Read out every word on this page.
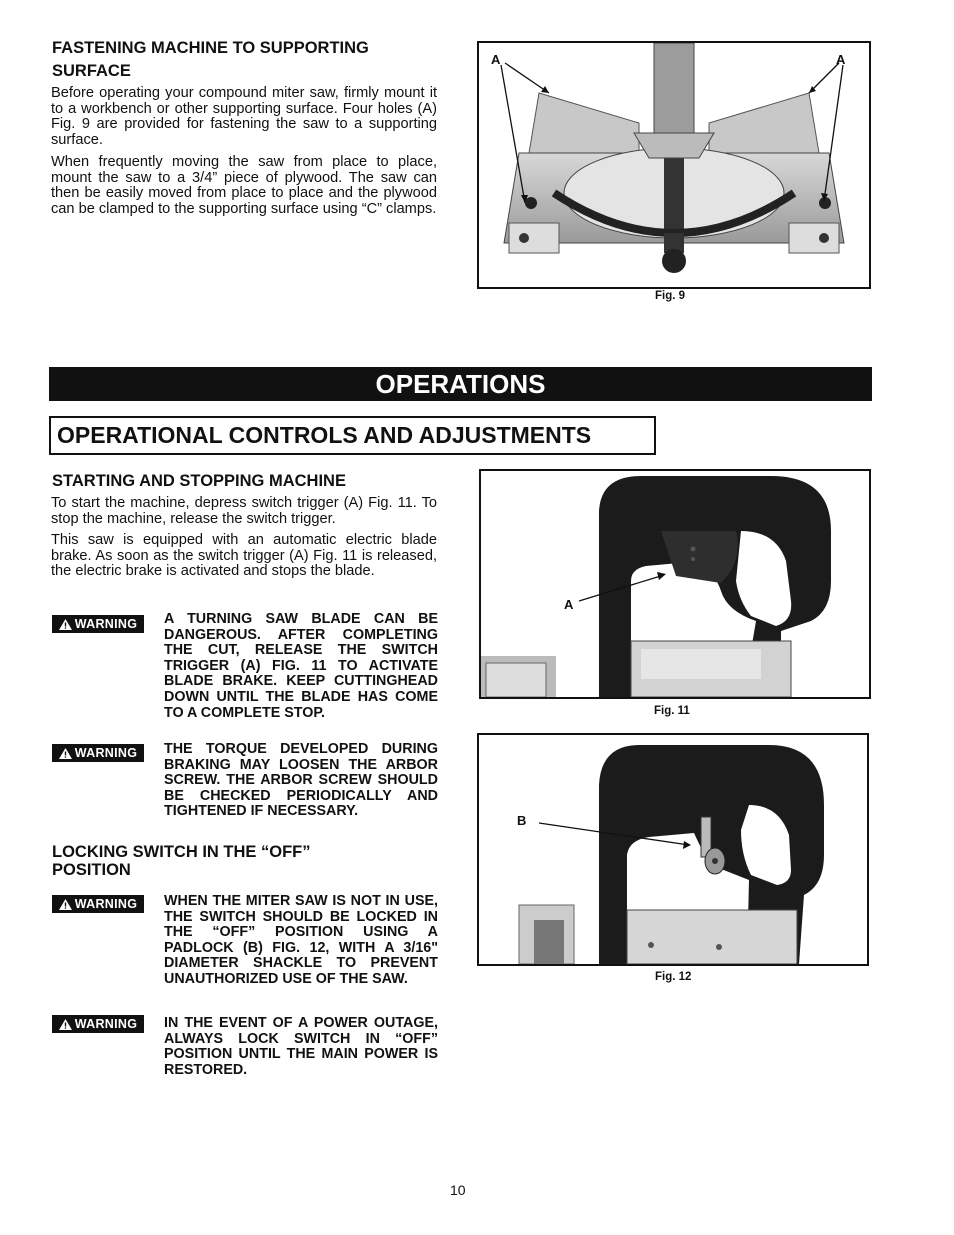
FASTENING MACHINE TO SUPPORTING
SURFACE

Before operating your compound miter saw, firmly mount it to a workbench or other supporting surface. Four holes (A) Fig. 9 are provided for fastening the saw to a supporting surface.

When frequently moving the saw from place to place, mount the saw to a 3/4” piece of plywood. The saw can then be easily moved from place to place and the plywood can be clamped to the supporting surface using “C” clamps.

A	A
Fig. 9
OPERATIONS
OPERATIONAL CONTROLS AND ADJUSTMENTS
STARTING AND STOPPING MACHINE

To start the machine, depress switch trigger (A) Fig. 11. To stop the machine, release the switch trigger.

This saw is equipped with an automatic electric blade brake. As soon as the switch trigger (A) Fig. 11 is released, the electric brake is activated and stops the blade.

WARNING A TURNING SAW BLADE CAN BE DANGEROUS. AFTER COMPLETING THE CUT, RELEASE THE SWITCH TRIGGER (A) FIG. 11 TO ACTIVATE BLADE BRAKE. KEEP CUTTINGHEAD DOWN UNTIL THE BLADE HAS COME TO A COMPLETE STOP.

WARNING THE TORQUE DEVELOPED DURING BRAKING MAY LOOSEN THE ARBOR SCREW. THE ARBOR SCREW SHOULD BE CHECKED PERIODICALLY AND TIGHTENED IF NECESSARY.

LOCKING SWITCH IN THE “OFF”
POSITION
WARNING WHEN THE MITER SAW IS NOT IN USE, THE SWITCH SHOULD BE LOCKED IN THE “OFF” POSITION USING A PADLOCK (B) FIG. 12, WITH A 3/16" DIAMETER SHACKLE TO PREVENT UNAUTHORIZED USE OF THE SAW.

WARNING IN THE EVENT OF A POWER OUTAGE, ALWAYS LOCK SWITCH IN “OFF” POSITION UNTIL THE MAIN POWER IS RESTORED.

A
Fig. 11
B
Fig. 12
10
